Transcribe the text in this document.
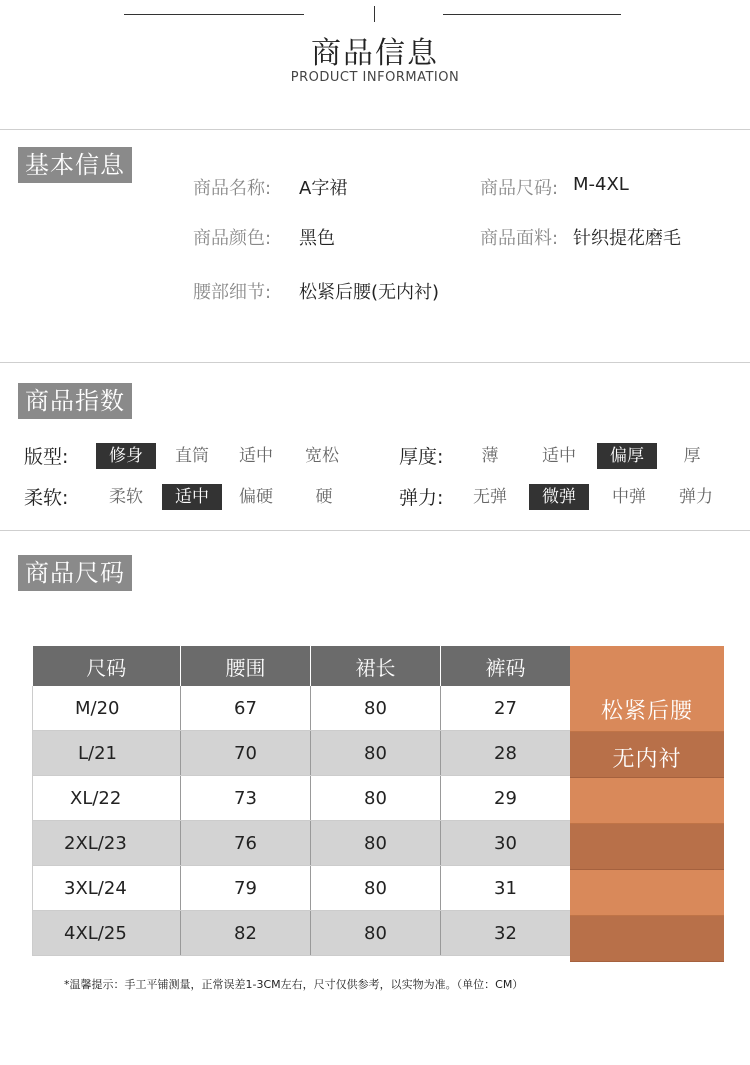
商品信息
PRODUCT INFORMATION
基本信息
商品名称: A字裙	商品尺码: M-4XL
商品颜色: 黑色	商品面料: 针织提花磨毛
腰部细节: 松紧后腰(无内衬)
商品指数
版型:	修身	直筒	适中	宽松	厚度:	薄	适中	偏厚	厚
柔软:	柔软	适中	偏硬	硬	弹力:	无弹	微弹	中弹	弹力
商品尺码
尺码	腰围	裙长	裤码
M/20	67	80	27
L/21	70	80	28
XL/22	73	80	29
2XL/23	76	80	30
3XL/24	79	80	31
4XL/25	82	80	32
松紧后腰
无内衬
*温馨提示：手工平铺测量，正常误差1-3CM左右，尺寸仅供参考，以实物为准。（单位：CM）
